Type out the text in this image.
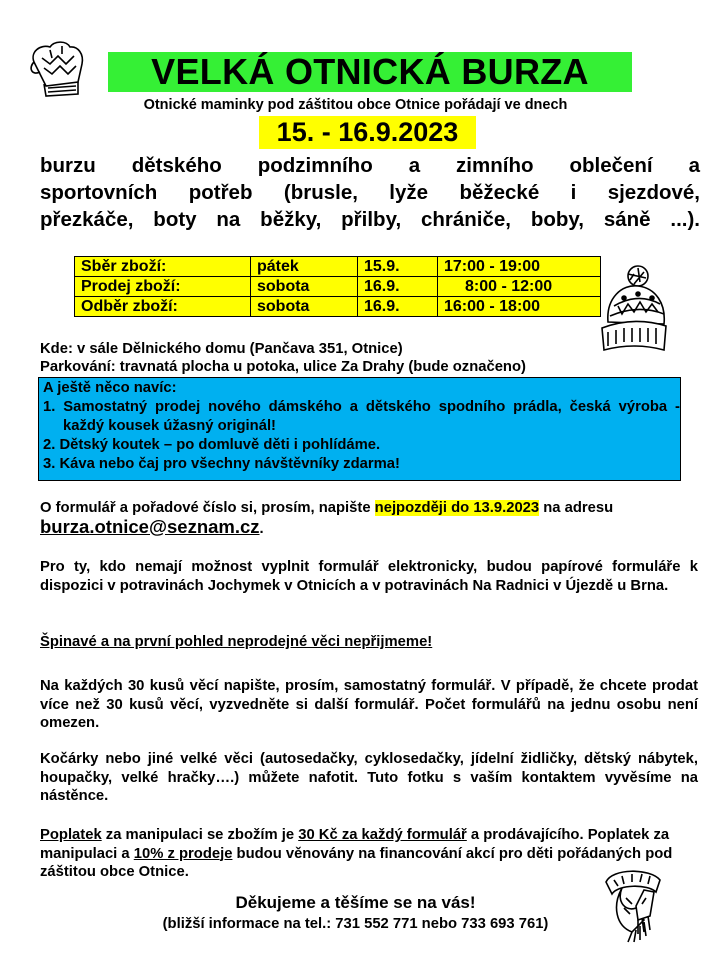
VELKÁ OTNICKÁ BURZA
Otnické maminky pod záštitou obce Otnice pořádají ve dnech
15. - 16.9.2023
burzu dětského podzimního a zimního oblečení a
sportovních potřeb (brusle, lyže běžecké i sjezdové,
přezkáče, boty na běžky, přilby, chrániče, boby, sáně ...).
Sběr zboží:	pátek	15.9.	17:00 - 19:00
Prodej zboží:	sobota	16.9.	8:00 - 12:00
Odběr zboží:	sobota	16.9.	16:00 - 18:00
Kde: v sále Dělnického domu (Pančava 351, Otnice)
Parkování: travnatá plocha u potoka, ulice Za Drahy (bude označeno)
A ještě něco navíc:
1. Samostatný prodej nového dámského a dětského spodního prádla, česká výroba - každý kousek úžasný originál!
2. Dětský koutek – po domluvě děti i pohlídáme.
3. Káva nebo čaj pro všechny návštěvníky zdarma!
O formulář a pořadové číslo si, prosím, napište nejpozději do 13.9.2023 na adresu
burza.otnice@seznam.cz.
Pro ty, kdo nemají možnost vyplnit formulář elektronicky, budou papírové formuláře k dispozici v potravinách Jochymek v Otnicích a v potravinách Na Radnici v Újezdě u Brna.
Špinavé a na první pohled neprodejné věci nepřijmeme!
Na každých 30 kusů věcí napište, prosím, samostatný formulář. V případě, že chcete prodat více než 30 kusů věcí, vyzvedněte si další formulář. Počet formulářů na jednu osobu není omezen.
Kočárky nebo jiné velké věci (autosedačky, cyklosedačky, jídelní židličky, dětský nábytek, houpačky, velké hračky….) můžete nafotit. Tuto fotku s vaším kontaktem vyvěsíme na nástěnce.
Poplatek za manipulaci se zbožím je 30 Kč za každý formulář a prodávajícího. Poplatek za manipulaci a 10% z prodeje budou věnovány na financování akcí pro děti pořádaných pod záštitou obce Otnice.
Děkujeme a těšíme se na vás!
(bližší informace na tel.: 731 552 771 nebo 733 693 761)
